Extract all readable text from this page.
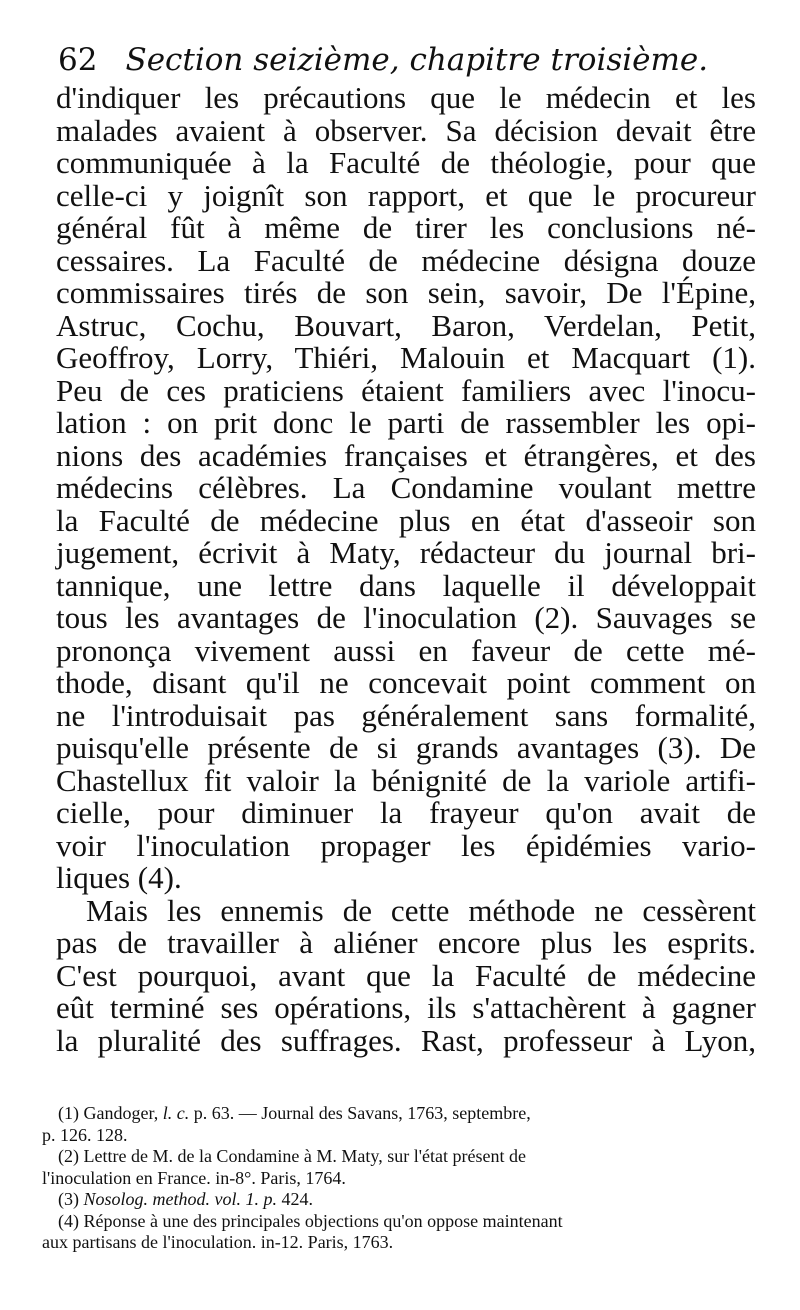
62 Section seizième, chapitre troisième.
d'indiquer les précautions que le médecin et les
malades avaient à observer. Sa décision devait être
communiquée à la Faculté de théologie, pour que
celle-ci y joignît son rapport, et que le procureur
général fût à même de tirer les conclusions né-
cessaires. La Faculté de médecine désigna douze
commissaires tirés de son sein, savoir, De l'Épine,
Astruc, Cochu, Bouvart, Baron, Verdelan, Petit,
Geoffroy, Lorry, Thiéri, Malouin et Macquart (1).
Peu de ces praticiens étaient familiers avec l'inocu-
lation : on prit donc le parti de rassembler les opi-
nions des académies françaises et étrangères, et des
médecins célèbres. La Condamine voulant mettre
la Faculté de médecine plus en état d'asseoir son
jugement, écrivit à Maty, rédacteur du journal bri-
tannique, une lettre dans laquelle il développait
tous les avantages de l'inoculation (2). Sauvages se
prononça vivement aussi en faveur de cette mé-
thode, disant qu'il ne concevait point comment on
ne l'introduisait pas généralement sans formalité,
puisqu'elle présente de si grands avantages (3). De
Chastellux fit valoir la bénignité de la variole artifi-
cielle, pour diminuer la frayeur qu'on avait de
voir l'inoculation propager les épidémies vario-
liques (4).
Mais les ennemis de cette méthode ne cessèrent
pas de travailler à aliéner encore plus les esprits.
C'est pourquoi, avant que la Faculté de médecine
eût terminé ses opérations, ils s'attachèrent à gagner
la pluralité des suffrages. Rast, professeur à Lyon,
(1) Gandoger, l. c. p. 63. — Journal des Savans, 1763, septembre,
p. 126. 128.
(2) Lettre de M. de la Condamine à M. Maty, sur l'état présent de
l'inoculation en France. in-8°. Paris, 1764.
(3) Nosolog. method. vol. 1. p. 424.
(4) Réponse à une des principales objections qu'on oppose maintenant
aux partisans de l'inoculation. in-12. Paris, 1763.
